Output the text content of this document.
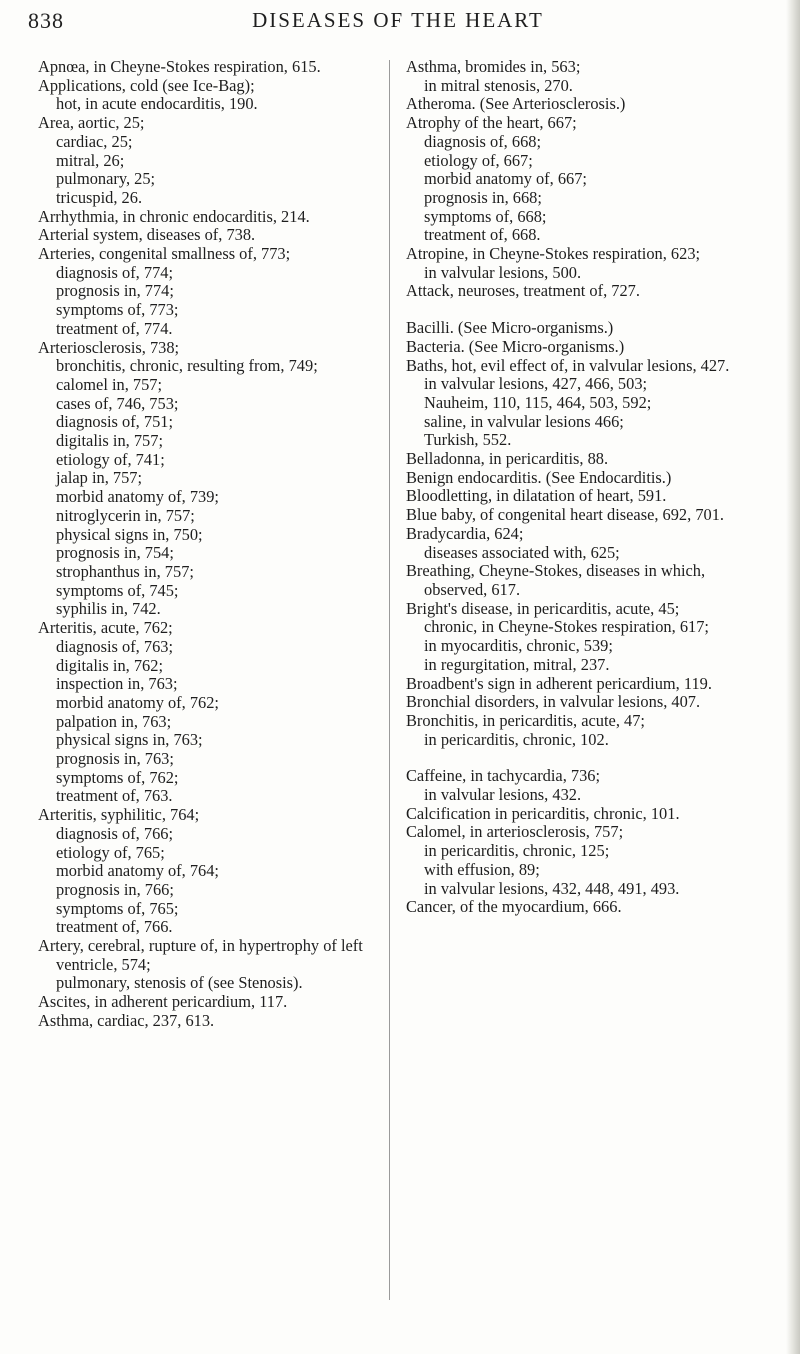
838	DISEASES OF THE HEART

Apnœa, in Cheyne-Stokes respiration, 615.

Applications, cold (see Ice-Bag);

hot, in acute endocarditis, 190.

Area, aortic, 25;

cardiac, 25;

mitral, 26;

pulmonary, 25;

tricuspid, 26.

Arrhythmia, in chronic endocarditis, 214.

Arterial system, diseases of, 738.

Arteries, congenital smallness of, 773;

diagnosis of, 774;

prognosis in, 774;

symptoms of, 773;

treatment of, 774.

Arteriosclerosis, 738;

bronchitis, chronic, resulting from, 749;

calomel in, 757;

cases of, 746, 753;

diagnosis of, 751;

digitalis in, 757;

etiology of, 741;

jalap in, 757;

morbid anatomy of, 739;

nitroglycerin in, 757;

physical signs in, 750;

prognosis in, 754;

strophanthus in, 757;

symptoms of, 745;

syphilis in, 742.

Arteritis, acute, 762;

diagnosis of, 763;

digitalis in, 762;

inspection in, 763;

morbid anatomy of, 762;

palpation in, 763;

physical signs in, 763;

prognosis in, 763;

symptoms of, 762;

treatment of, 763.

Arteritis, syphilitic, 764;

diagnosis of, 766;

etiology of, 765;

morbid anatomy of, 764;

prognosis in, 766;

symptoms of, 765;

treatment of, 766.

Artery, cerebral, rupture of, in hypertrophy of left ventricle, 574;

pulmonary, stenosis of (see Stenosis).

Ascites, in adherent pericardium, 117.

Asthma, cardiac, 237, 613.

Asthma, bromides in, 563;

in mitral stenosis, 270.

Atheroma. (See Arteriosclerosis.)

Atrophy of the heart, 667;

diagnosis of, 668;

etiology of, 667;

morbid anatomy of, 667;

prognosis in, 668;

symptoms of, 668;

treatment of, 668.

Atropine, in Cheyne-Stokes respiration, 623;

in valvular lesions, 500.

Attack, neuroses, treatment of, 727.

Bacilli. (See Micro-organisms.)

Bacteria. (See Micro-organisms.)

Baths, hot, evil effect of, in valvular lesions, 427.

in valvular lesions, 427, 466, 503;

Nauheim, 110, 115, 464, 503, 592;

saline, in valvular lesions 466;

Turkish, 552.

Belladonna, in pericarditis, 88.

Benign endocarditis. (See Endocarditis.)

Bloodletting, in dilatation of heart, 591.

Blue baby, of congenital heart disease, 692, 701.

Bradycardia, 624;

diseases associated with, 625;

Breathing, Cheyne-Stokes, diseases in which, observed, 617.

Bright's disease, in pericarditis, acute, 45;

chronic, in Cheyne-Stokes respiration, 617;

in myocarditis, chronic, 539;

in regurgitation, mitral, 237.

Broadbent's sign in adherent pericardium, 119.

Bronchial disorders, in valvular lesions, 407.

Bronchitis, in pericarditis, acute, 47;

in pericarditis, chronic, 102.

Caffeine, in tachycardia, 736;

in valvular lesions, 432.

Calcification in pericarditis, chronic, 101.

Calomel, in arteriosclerosis, 757;

in pericarditis, chronic, 125;

with effusion, 89;

in valvular lesions, 432, 448, 491, 493.

Cancer, of the myocardium, 666.
